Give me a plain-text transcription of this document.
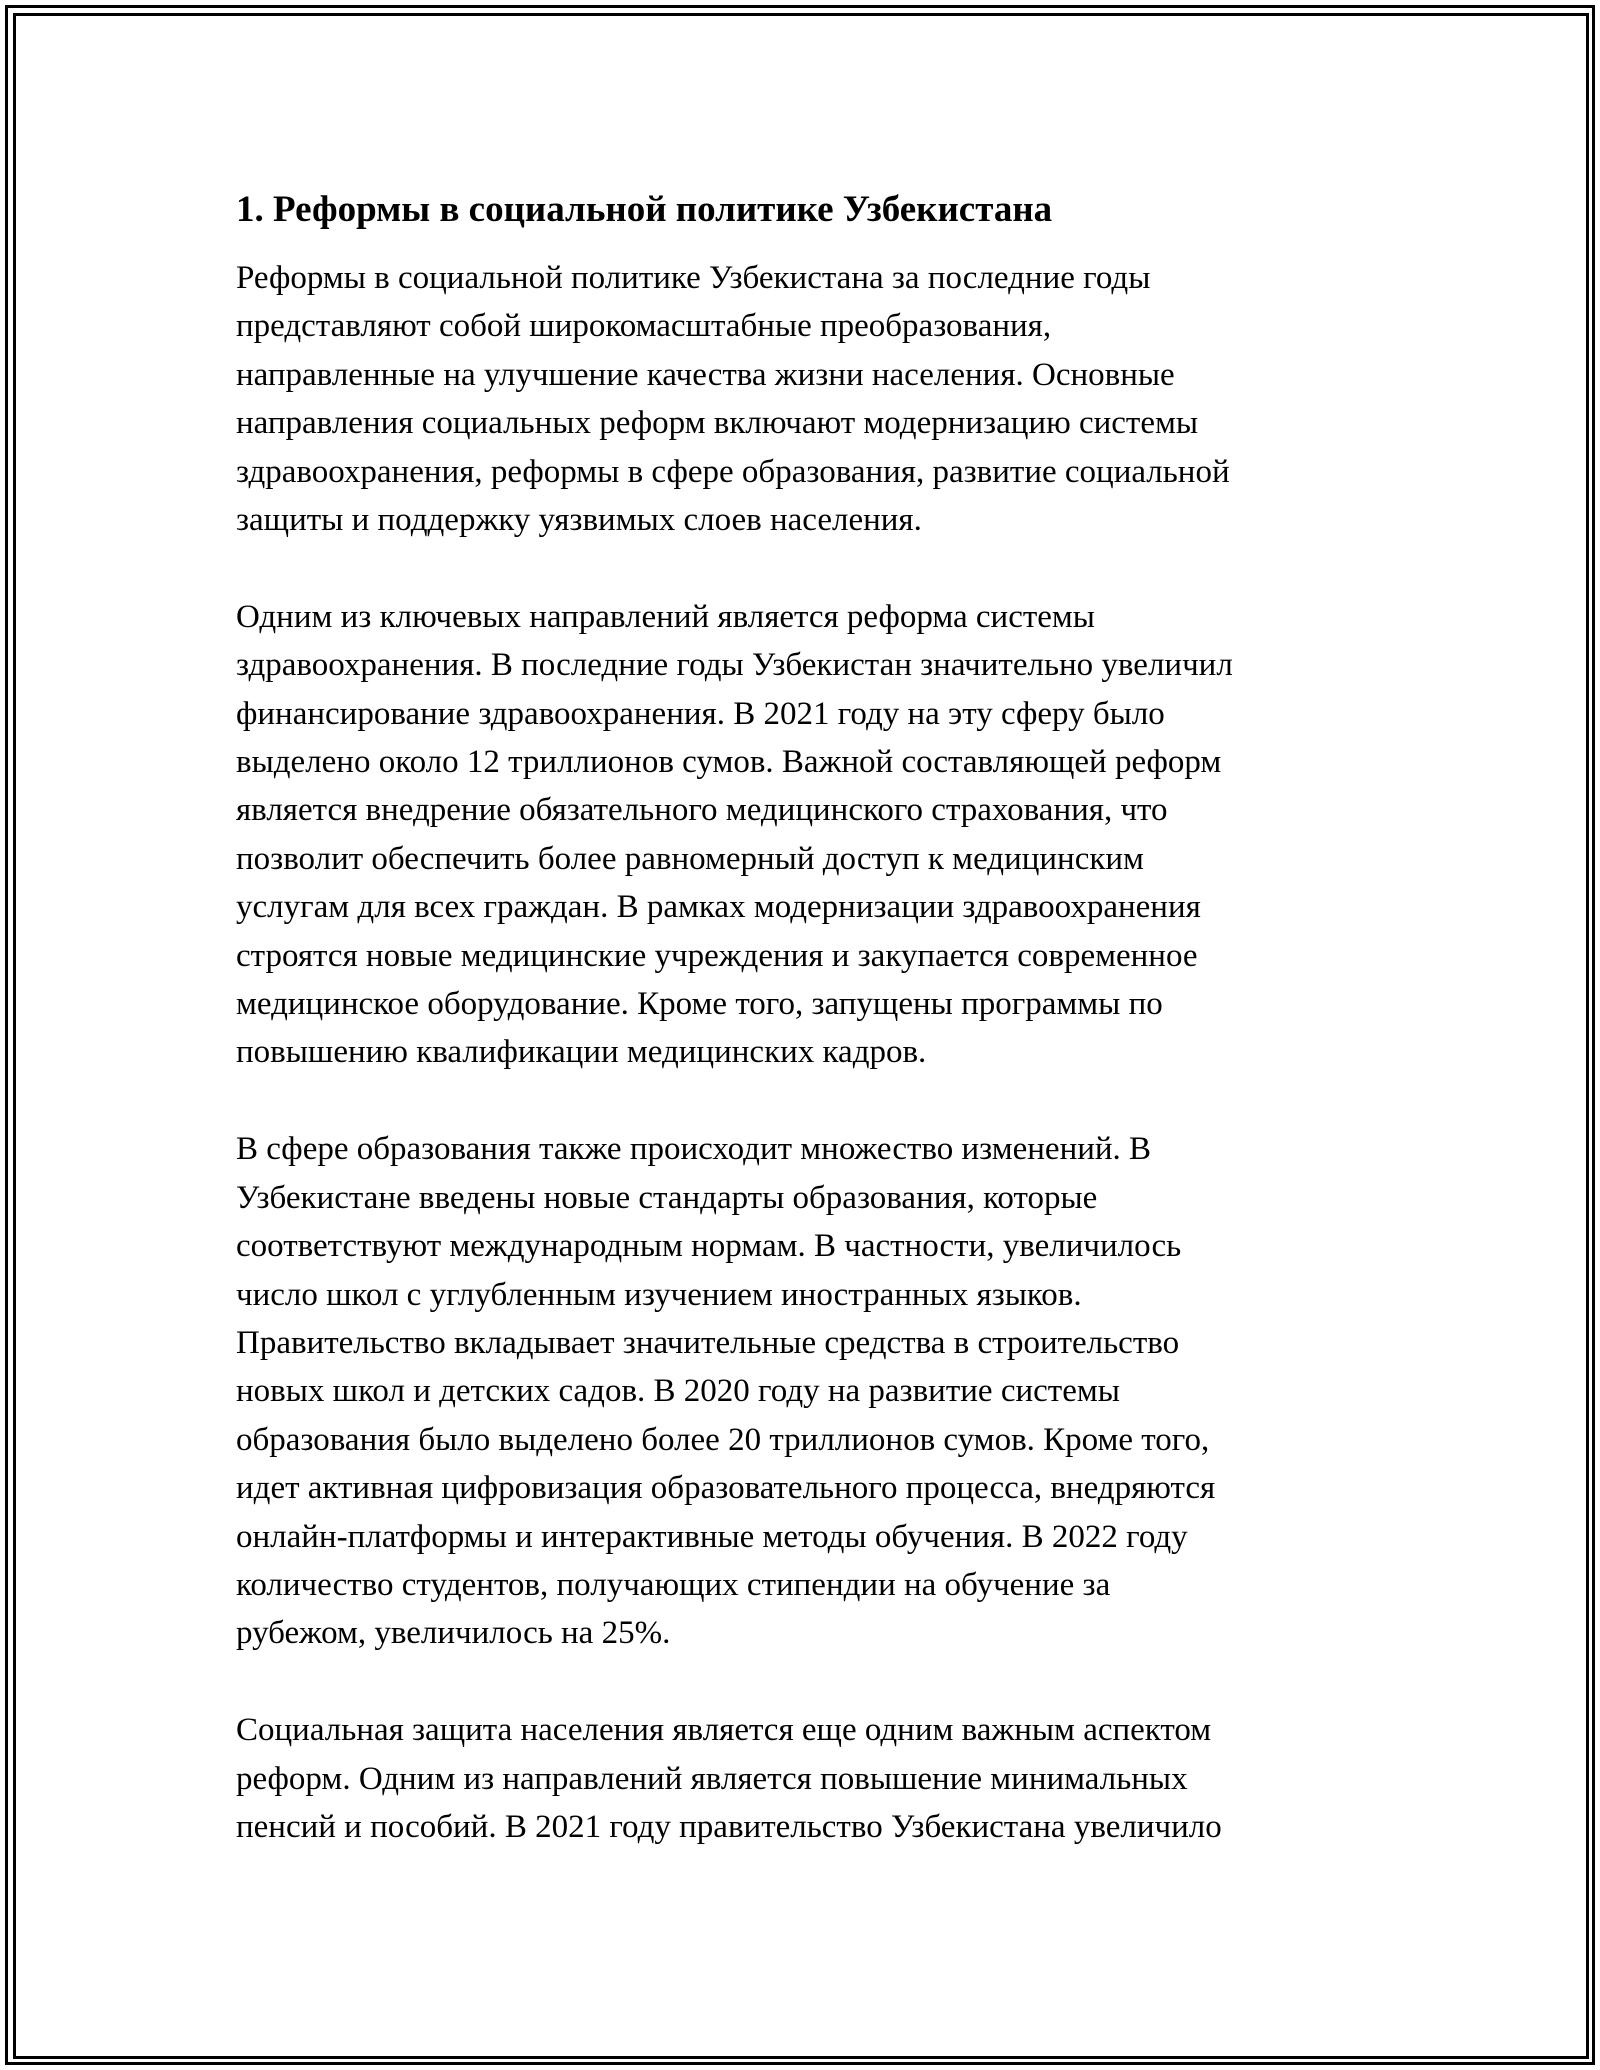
1. Реформы в социальной политике Узбекистана

Реформы в социальной политике Узбекистана за последние годы
представляют собой широкомасштабные преобразования,
направленные на улучшение качества жизни населения. Основные
направления социальных реформ включают модернизацию системы
здравоохранения, реформы в сфере образования, развитие социальной
защиты и поддержку уязвимых слоев населения.

Одним из ключевых направлений является реформа системы
здравоохранения. В последние годы Узбекистан значительно увеличил
финансирование здравоохранения. В 2021 году на эту сферу было
выделено около 12 триллионов сумов. Важной составляющей реформ
является внедрение обязательного медицинского страхования, что
позволит обеспечить более равномерный доступ к медицинским
услугам для всех граждан. В рамках модернизации здравоохранения
строятся новые медицинские учреждения и закупается современное
медицинское оборудование. Кроме того, запущены программы по
повышению квалификации медицинских кадров.

В сфере образования также происходит множество изменений. В
Узбекистане введены новые стандарты образования, которые
соответствуют международным нормам. В частности, увеличилось
число школ с углубленным изучением иностранных языков.
Правительство вкладывает значительные средства в строительство
новых школ и детских садов. В 2020 году на развитие системы
образования было выделено более 20 триллионов сумов. Кроме того,
идет активная цифровизация образовательного процесса, внедряются
онлайн-платформы и интерактивные методы обучения. В 2022 году
количество студентов, получающих стипендии на обучение за
рубежом, увеличилось на 25%.

Социальная защита населения является еще одним важным аспектом
реформ. Одним из направлений является повышение минимальных
пенсий и пособий. В 2021 году правительство Узбекистана увеличило
